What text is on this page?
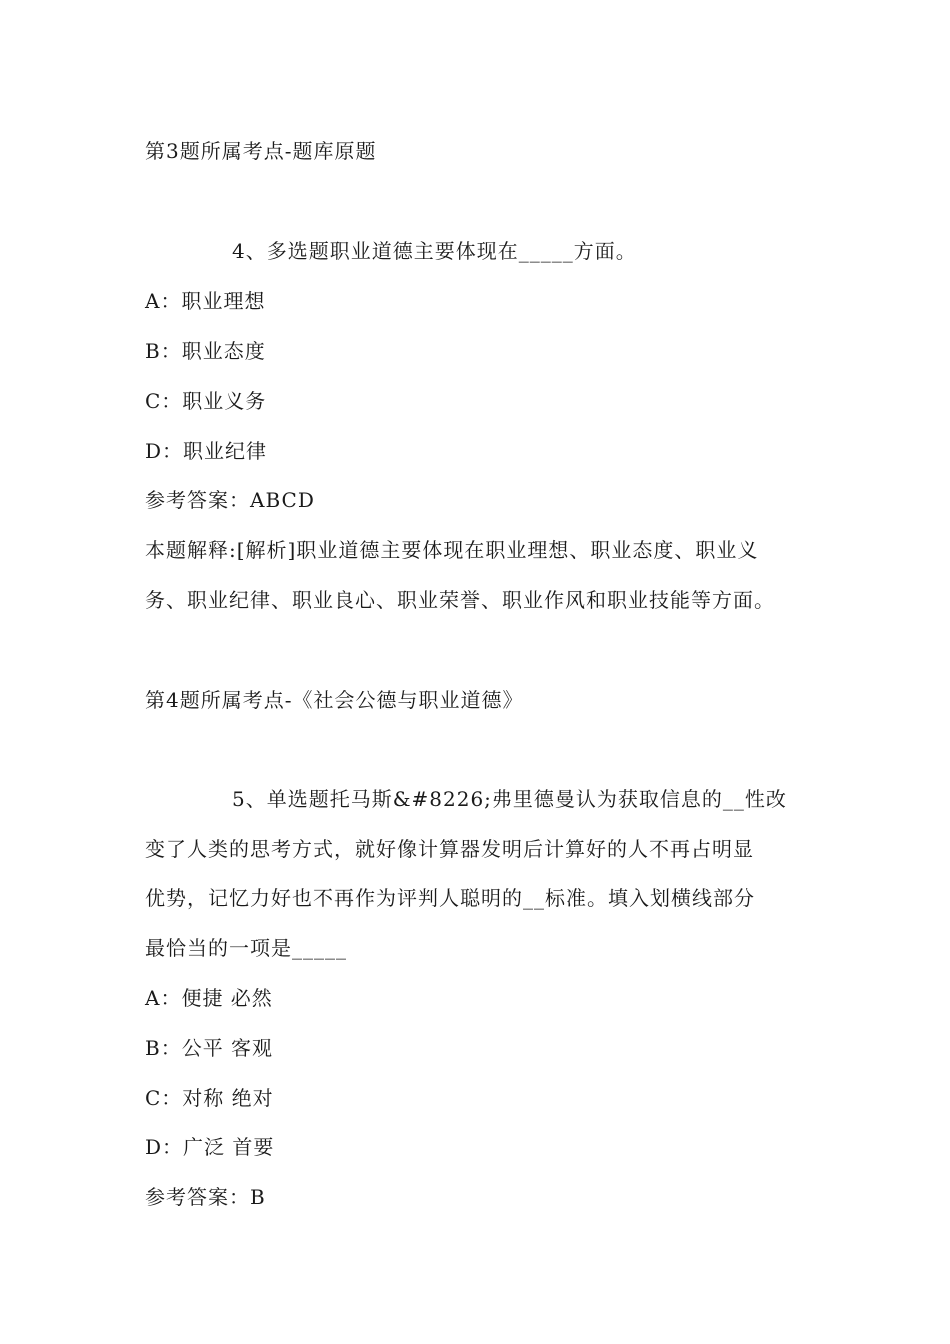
第3题所属考点-题库原题
4、多选题职业道德主要体现在_____方面。
A：职业理想
B：职业态度
C：职业义务
D：职业纪律
参考答案：ABCD
本题解释:[解析]职业道德主要体现在职业理想、职业态度、职业义
务、职业纪律、职业良心、职业荣誉、职业作风和职业技能等方面。
第4题所属考点-《社会公德与职业道德》
5、单选题托马斯&#8226;弗里德曼认为获取信息的__性改
变了人类的思考方式，就好像计算器发明后计算好的人不再占明显
优势，记忆力好也不再作为评判人聪明的__标准。填入划横线部分
最恰当的一项是_____
A：便捷 必然
B：公平 客观
C：对称 绝对
D：广泛 首要
参考答案：B
